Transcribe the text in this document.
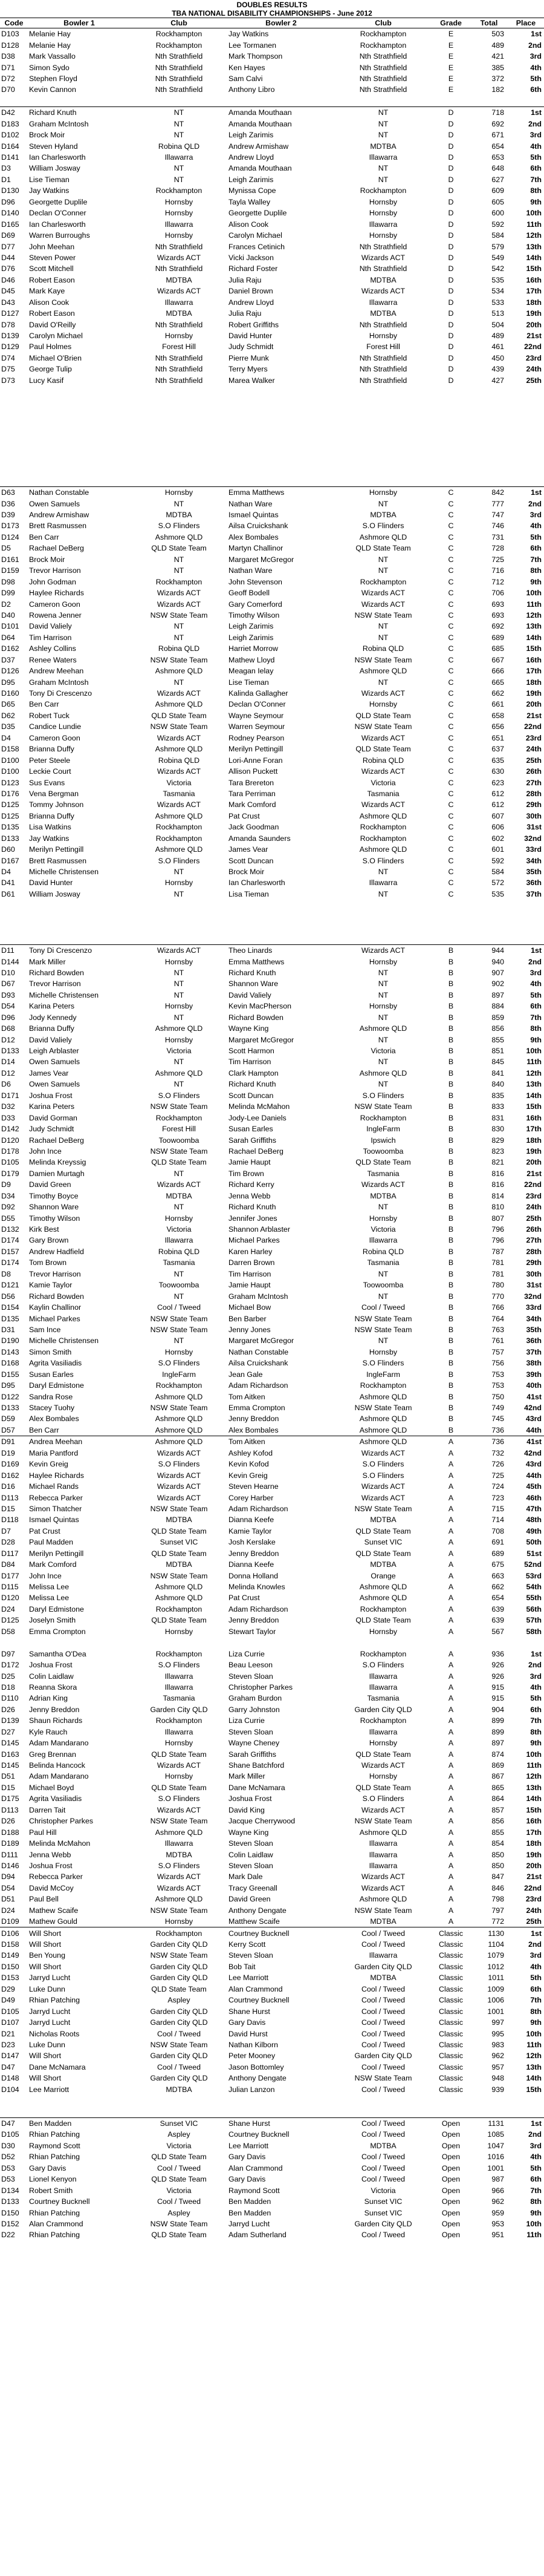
DOUBLES RESULTS
TBA NATIONAL DISABILITY CHAMPIONSHIPS - June 2012
Code	Bowler 1	Club	Bowler 2	Club	Grade	Total	Place
D103	Melanie Hay	Rockhampton	Jay Watkins	Rockhampton	E	503	1st
D128	Melanie Hay	Rockhampton	Lee Tormanen	Rockhampton	E	489	2nd
D38	Mark Vassallo	Nth Strathfield	Mark Thompson	Nth Strathfield	E	421	3rd
D71	Simon Sydo	Nth Strathfield	Ken Hayes	Nth Strathfield	E	385	4th
D72	Stephen Floyd	Nth Strathfield	Sam Calvi	Nth Strathfield	E	372	5th
D70	Kevin Cannon	Nth Strathfield	Anthony Libro	Nth Strathfield	E	182	6th

D42	Richard Knuth	NT	Amanda Mouthaan	NT	D	718	1st
D183	Graham McIntosh	NT	Amanda Mouthaan	NT	D	692	2nd
D102	Brock Moir	NT	Leigh Zarimis	NT	D	671	3rd
D164	Steven Hyland	Robina QLD	Andrew Armishaw	MDTBA	D	654	4th
D141	Ian Charlesworth	Illawarra	Andrew Lloyd	Illawarra	D	653	5th
D3	William Josway	NT	Amanda Mouthaan	NT	D	648	6th
D1	Lise Tieman	NT	Leigh Zarimis	NT	D	627	7th
D130	Jay Watkins	Rockhampton	Mynissa Cope	Rockhampton	D	609	8th
D96	Georgette Duplile	Hornsby	Tayla Walley	Hornsby	D	605	9th
D140	Declan O'Conner	Hornsby	Georgette Duplile	Hornsby	D	600	10th
D165	Ian Charlesworth	Illawarra	Alison Cook	Illawarra	D	592	11th
D69	Warren Burroughs	Hornsby	Carolyn Michael	Hornsby	D	584	12th
D77	John Meehan	Nth Strathfield	Frances Cetinich	Nth Strathfield	D	579	13th
D44	Steven Power	Wizards ACT	Vicki Jackson	Wizards ACT	D	549	14th
D76	Scott Mitchell	Nth Strathfield	Richard Foster	Nth Strathfield	D	542	15th
D46	Robert Eason	MDTBA	Julia Raju	MDTBA	D	535	16th
D45	Mark Kaye	Wizards ACT	Daniel Brown	Wizards ACT	D	534	17th
D43	Alison Cook	Illawarra	Andrew Lloyd	Illawarra	D	533	18th
D127	Robert Eason	MDTBA	Julia Raju	MDTBA	D	513	19th
D78	David O'Reilly	Nth Strathfield	Robert Griffiths	Nth Strathfield	D	504	20th
D139	Carolyn Michael	Hornsby	David Hunter	Hornsby	D	489	21st
D129	Paul Holmes	Forest Hill	Judy Schmidt	Forest Hill	D	461	22nd
D74	Michael O'Brien	Nth Strathfield	Pierre Munk	Nth Strathfield	D	450	23rd
D75	George Tulip	Nth Strathfield	Terry Myers	Nth Strathfield	D	439	24th
D73	Lucy Kasif	Nth Strathfield	Marea Walker	Nth Strathfield	D	427	25th

D63	Nathan Constable	Hornsby	Emma Matthews	Hornsby	C	842	1st
D36	Owen Samuels	NT	Nathan Ware	NT	C	777	2nd
D39	Andrew Armishaw	MDTBA	Ismael Quintas	MDTBA	C	747	3rd
D173	Brett Rasmussen	S.O Flinders	Ailsa Cruickshank	S.O Flinders	C	746	4th
D124	Ben Carr	Ashmore QLD	Alex Bombales	Ashmore QLD	C	731	5th
D5	Rachael DeBerg	QLD State Team	Martyn Challinor	QLD State Team	C	728	6th
D161	Brock Moir	NT	Margaret McGregor	NT	C	725	7th
D159	Trevor Harrison	NT	Nathan Ware	NT	C	716	8th
D98	John Godman	Rockhampton	John Stevenson	Rockhampton	C	712	9th
D99	Haylee Richards	Wizards ACT	Geoff Bodell	Wizards ACT	C	706	10th
D2	Cameron Goon	Wizards ACT	Gary Comerford	Wizards ACT	C	693	11th
D40	Rowena Jenner	NSW State Team	Timothy Wilson	NSW State Team	C	693	12th
D101	David Valiely	NT	Leigh Zarimis	NT	C	692	13th
D64	Tim Harrison	NT	Leigh Zarimis	NT	C	689	14th
D162	Ashley Collins	Robina QLD	Harriet Morrow	Robina QLD	C	685	15th
D37	Renee Waters	NSW State Team	Mathew Lloyd	NSW State Team	C	667	16th
D126	Andrew Meehan	Ashmore QLD	Meagan Ielay	Ashmore QLD	C	666	17th
D95	Graham McIntosh	NT	Lise Tieman	NT	C	665	18th
D160	Tony Di Crescenzo	Wizards ACT	Kalinda Gallagher	Wizards ACT	C	662	19th
D65	Ben Carr	Ashmore QLD	Declan O'Conner	Hornsby	C	661	20th
D62	Robert Tuck	QLD State Team	Wayne Seymour	QLD State Team	C	658	21st
D35	Candice Lundie	NSW State Team	Warren Seymour	NSW State Team	C	656	22nd
D4	Cameron Goon	Wizards ACT	Rodney Pearson	Wizards ACT	C	651	23rd
D158	Brianna Duffy	Ashmore QLD	Merilyn Pettingill	QLD State Team	C	637	24th
D100	Peter Steele	Robina QLD	Lori-Anne Foran	Robina QLD	C	635	25th
D100	Leckie Court	Wizards ACT	Allison Puckett	Wizards ACT	C	630	26th
D123	Sus Evans	Victoria	Tara Brereton	Victoria	C	623	27th
D176	Vena Bergman	Tasmania	Tara Perriman	Tasmania	C	612	28th
D125	Tommy Johnson	Wizards ACT	Mark Comford	Wizards ACT	C	612	29th
D125	Brianna Duffy	Ashmore QLD	Pat Crust	Ashmore QLD	C	607	30th
D135	Lisa Watkins	Rockhampton	Jack Goodman	Rockhampton	C	606	31st
D133	Jay Watkins	Rockhampton	Amanda Saunders	Rockhampton	C	602	32nd
D60	Merilyn Pettingill	Ashmore QLD	James Vear	Ashmore QLD	C	601	33rd
D167	Brett Rasmussen	S.O Flinders	Scott Duncan	S.O Flinders	C	592	34th
D4	Michelle Christensen	NT	Brock Moir	NT	C	584	35th
D41	David Hunter	Hornsby	Ian Charlesworth	Illawarra	C	572	36th
D61	William Josway	NT	Lisa Tieman	NT	C	535	37th

D11	Tony Di Crescenzo	Wizards ACT	Theo Linards	Wizards ACT	B	944	1st
D144	Mark Miller	Hornsby	Emma Matthews	Hornsby	B	940	2nd
D10	Richard Bowden	NT	Richard Knuth	NT	B	907	3rd
D67	Trevor Harrison	NT	Shannon Ware	NT	B	902	4th
D93	Michelle Christensen	NT	David Valiely	NT	B	897	5th
D54	Karina Peters	Hornsby	Kevin MacPherson	Hornsby	B	884	6th
D96	Jody Kennedy	NT	Richard Bowden	NT	B	859	7th
D68	Brianna Duffy	Ashmore QLD	Wayne King	Ashmore QLD	B	856	8th
D12	David Valiely	Hornsby	Margaret McGregor	NT	B	855	9th
D133	Leigh Arblaster	Victoria	Scott Harmon	Victoria	B	851	10th
D14	Owen Samuels	NT	Tim Harrison	NT	B	845	11th
D12	James Vear	Ashmore QLD	Clark Hampton	Ashmore QLD	B	841	12th
D6	Owen Samuels	NT	Richard Knuth	NT	B	840	13th
D171	Joshua Frost	S.O Flinders	Scott Duncan	S.O Flinders	B	835	14th
D32	Karina Peters	NSW State Team	Melinda McMahon	NSW State Team	B	833	15th
D33	David Gorman	Rockhampton	Jody-Lee Daniels	Rockhampton	B	831	16th
D142	Judy Schmidt	Forest Hill	Susan Earles	IngleFarm	B	830	17th
D120	Rachael DeBerg	Toowoomba	Sarah Griffiths	Ipswich	B	829	18th
D178	John Ince	NSW State Team	Rachael DeBerg	Toowoomba	B	823	19th
D105	Melinda Kreyssig	QLD State Team	Jamie Haupt	QLD State Team	B	821	20th
D179	Damien Murtagh	NT	Tim Brown	Tasmania	B	816	21st
D9	David Green	Wizards ACT	Richard Kerry	Wizards ACT	B	816	22nd
D34	Timothy Boyce	MDTBA	Jenna Webb	MDTBA	B	814	23rd
D92	Shannon Ware	NT	Richard Knuth	NT	B	810	24th
D55	Timothy Wilson	Hornsby	Jennifer Jones	Hornsby	B	807	25th
D132	Kirk Best	Victoria	Shannon Arblaster	Victoria	B	796	26th
D174	Gary Brown	Illawarra	Michael Parkes	Illawarra	B	796	27th
D157	Andrew Hadfield	Robina QLD	Karen Harley	Robina QLD	B	787	28th
D174	Tom Brown	Tasmania	Darren Brown	Tasmania	B	781	29th
D8	Trevor Harrison	NT	Tim Harrison	NT	B	781	30th
D121	Kamie Taylor	Toowoomba	Jamie Haupt	Toowoomba	B	780	31st
D56	Richard Bowden	NT	Graham McIntosh	NT	B	770	32nd
D154	Kaylin Challinor	Cool / Tweed	Michael Bow	Cool / Tweed	B	766	33rd
D135	Michael Parkes	NSW State Team	Ben Barber	NSW State Team	B	764	34th
D31	Sam Ince	NSW State Team	Jenny Jones	NSW State Team	B	763	35th
D190	Michelle Christensen	NT	Margaret McGregor	NT	B	761	36th
D143	Simon Smith	Hornsby	Nathan Constable	Hornsby	B	757	37th
D168	Agrita Vasiliadis	S.O Flinders	Ailsa Cruickshank	S.O Flinders	B	756	38th
D155	Susan Earles	IngleFarm	Jean Gale	IngleFarm	B	753	39th
D95	Daryl Edmistone	Rockhampton	Adam Richardson	Rockhampton	B	753	40th
D122	Sandra Rose	Ashmore QLD	Tom Aitken	Ashmore QLD	B	750	41st
D133	Stacey Tuohy	NSW State Team	Emma Crompton	NSW State Team	B	749	42nd
D59	Alex Bombales	Ashmore QLD	Jenny Breddon	Ashmore QLD	B	745	43rd
D57	Ben Carr	Ashmore QLD	Alex Bombales	Ashmore QLD	B	736	44th
D91	Andrea Meehan	Ashmore QLD	Tom Aitken	Ashmore QLD	A	736	41st
D19	Maria Pantford	Wizards ACT	Ashley Kofod	Wizards ACT	A	732	42nd
D169	Kevin Greig	S.O Flinders	Kevin Kofod	S.O Flinders	A	726	43rd
D162	Haylee Richards	Wizards ACT	Kevin Greig	S.O Flinders	A	725	44th
D16	Michael Rands	Wizards ACT	Steven Hearne	Wizards ACT	A	724	45th
D113	Rebecca Parker	Wizards ACT	Corey Harber	Wizards ACT	A	723	46th
D15	Simon Thatcher	NSW State Team	Adam Richardson	NSW State Team	A	715	47th
D118	Ismael Quintas	MDTBA	Dianna Keefe	MDTBA	A	714	48th
D7	Pat Crust	QLD State Team	Kamie Taylor	QLD State Team	A	708	49th
D28	Paul Madden	Sunset VIC	Josh Kerslake	Sunset VIC	A	691	50th
D117	Merilyn Pettingill	QLD State Team	Jenny Breddon	QLD State Team	A	689	51st
D84	Mark Comford	MDTBA	Dianna Keefe	MDTBA	A	675	52nd
D177	John Ince	NSW State Team	Donna Holland	Orange	A	663	53rd
D115	Melissa Lee	Ashmore QLD	Melinda Knowles	Ashmore QLD	A	662	54th
D120	Melissa Lee	Ashmore QLD	Pat Crust	Ashmore QLD	A	654	55th
D24	Daryl Edmistone	Rockhampton	Adam Richardson	Rockhampton	A	639	56th
D125	Joselyn Smith	QLD State Team	Jenny Breddon	QLD State Team	A	639	57th
D58	Emma Crompton	Hornsby	Stewart Taylor	Hornsby	A	567	58th

D97	Samantha O'Dea	Rockhampton	Liza Currie	Rockhampton	A	936	1st
D172	Joshua Frost	S.O Flinders	Beau Leeson	S.O Flinders	A	926	2nd
D25	Colin Laidlaw	Illawarra	Steven Sloan	Illawarra	A	926	3rd
D18	Reanna Skora	Illawarra	Christopher Parkes	Illawarra	A	915	4th
D110	Adrian King	Tasmania	Graham Burdon	Tasmania	A	915	5th
D26	Jenny Breddon	Garden City QLD	Garry Johnston	Garden City QLD	A	904	6th
D139	Shaun Richards	Rockhampton	Liza Currie	Rockhampton	A	899	7th
D27	Kyle Rauch	Illawarra	Steven Sloan	Illawarra	A	899	8th
D145	Adam Mandarano	Hornsby	Wayne Cheney	Hornsby	A	897	9th
D163	Greg Brennan	QLD State Team	Sarah Griffiths	QLD State Team	A	874	10th
D145	Belinda Hancock	Wizards ACT	Shane Batchford	Wizards ACT	A	869	11th
D51	Adam Mandarano	Hornsby	Mark Miller	Hornsby	A	867	12th
D15	Michael Boyd	QLD State Team	Dane McNamara	QLD State Team	A	865	13th
D175	Agrita Vasiliadis	S.O Flinders	Joshua Frost	S.O Flinders	A	864	14th
D113	Darren Tait	Wizards ACT	David King	Wizards ACT	A	857	15th
D26	Christopher Parkes	NSW State Team	Jacque Cherrywood	NSW State Team	A	856	16th
D188	Paul Hill	Ashmore QLD	Wayne King	Ashmore QLD	A	855	17th
D189	Melinda McMahon	Illawarra	Steven Sloan	Illawarra	A	854	18th
D111	Jenna Webb	MDTBA	Colin Laidlaw	Illawarra	A	850	19th
D146	Joshua Frost	S.O Flinders	Steven Sloan	Illawarra	A	850	20th
D94	Rebecca Parker	Wizards ACT	Mark Dale	Wizards ACT	A	847	21st
D54	David McCoy	Wizards ACT	Tracy Greenall	Wizards ACT	A	846	22nd
D51	Paul Bell	Ashmore QLD	David Green	Ashmore QLD	A	798	23rd
D24	Mathew Scaife	NSW State Team	Anthony Dengate	NSW State Team	A	797	24th
D109	Mathew Gould	Hornsby	Matthew Scaife	MDTBA	A	772	25th
D106	Will Short	Rockhampton	Courtney Bucknell	Cool / Tweed	Classic	1130	1st
D158	Will Short	Garden City QLD	Kerry Scott	Cool / Tweed	Classic	1104	2nd
D149	Ben Young	NSW State Team	Steven Sloan	Illawarra	Classic	1079	3rd
D150	Will Short	Garden City QLD	Bob Tait	Garden City QLD	Classic	1012	4th
D153	Jarryd Lucht	Garden City QLD	Lee Marriott	MDTBA	Classic	1011	5th
D29	Luke Dunn	QLD State Team	Alan Crammond	Cool / Tweed	Classic	1009	6th
D49	Rhian Patching	Aspley	Courtney Bucknell	Cool / Tweed	Classic	1006	7th
D105	Jarryd Lucht	Garden City QLD	Shane Hurst	Cool / Tweed	Classic	1001	8th
D107	Jarryd Lucht	Garden City QLD	Gary Davis	Cool / Tweed	Classic	997	9th
D21	Nicholas Roots	Cool / Tweed	David Hurst	Cool / Tweed	Classic	995	10th
D23	Luke Dunn	NSW State Team	Nathan Kilborn	Cool / Tweed	Classic	983	11th
D147	Will Short	Garden City QLD	Peter Mooney	Garden City QLD	Classic	962	12th
D47	Dane McNamara	Cool / Tweed	Jason Bottomley	Cool / Tweed	Classic	957	13th
D148	Will Short	Garden City QLD	Anthony Dengate	NSW State Team	Classic	948	14th
D104	Lee Marriott	MDTBA	Julian Lanzon	Cool / Tweed	Classic	939	15th

D47	Ben Madden	Sunset VIC	Shane Hurst	Cool / Tweed	Open	1131	1st
D105	Rhian Patching	Aspley	Courtney Bucknell	Cool / Tweed	Open	1085	2nd
D30	Raymond Scott	Victoria	Lee Marriott	MDTBA	Open	1047	3rd
D52	Rhian Patching	QLD State Team	Gary Davis	Cool / Tweed	Open	1016	4th
D53	Gary Davis	Cool / Tweed	Alan Crammond	Cool / Tweed	Open	1001	5th
D53	Lionel Kenyon	QLD State Team	Gary Davis	Cool / Tweed	Open	987	6th
D134	Robert Smith	Victoria	Raymond Scott	Victoria	Open	966	7th
D133	Courtney Bucknell	Cool / Tweed	Ben Madden	Sunset VIC	Open	962	8th
D150	Rhian Patching	Aspley	Ben Madden	Sunset VIC	Open	959	9th
D152	Alan Crammond	NSW State Team	Jarryd Lucht	Garden City QLD	Open	953	10th
D22	Rhian Patching	QLD State Team	Adam Sutherland	Cool / Tweed	Open	951	11th
